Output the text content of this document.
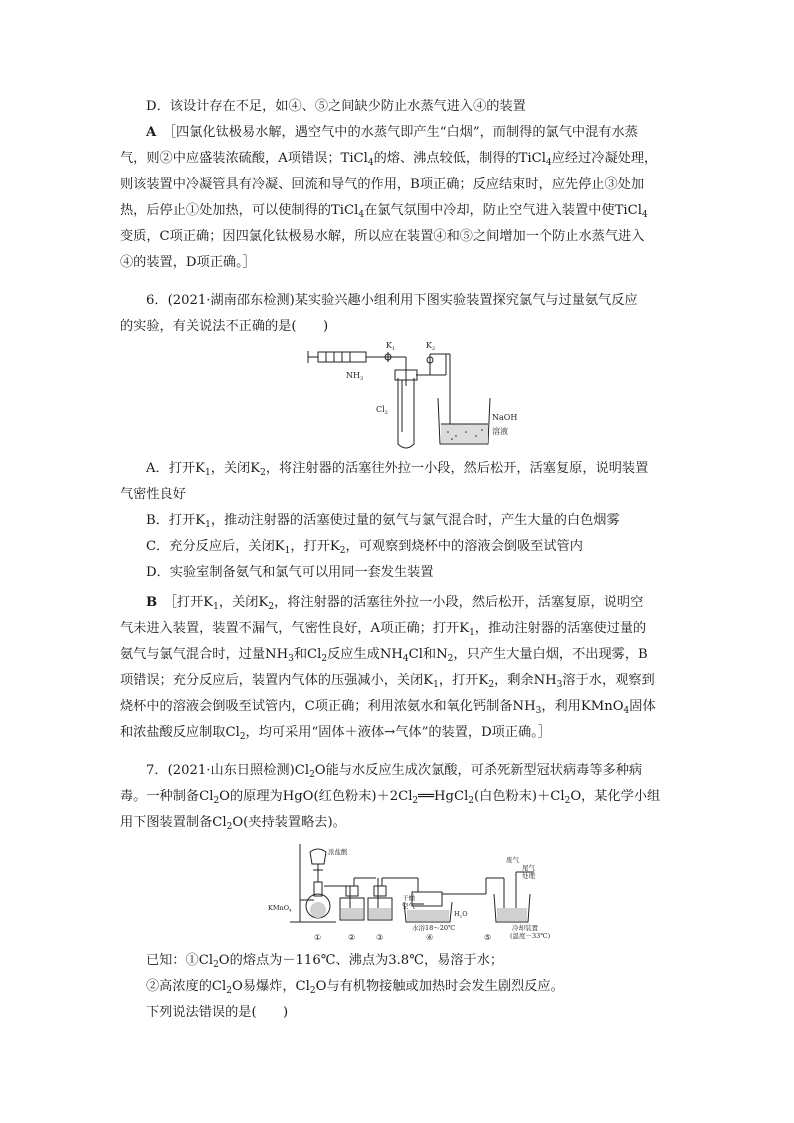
D．该设计存在不足，如④、⑤之间缺少防止水蒸气进入④的装置

A　 ［四氯化钛极易水解，遇空气中的水蒸气即产生“白烟”，而制得的氯气中混有水蒸

气，则②中应盛装浓硫酸，A项错误；TiCl$_4$的熔、沸点较低，制得的TiCl$_4$应经过冷凝处理，

则该装置中冷凝管具有冷凝、回流和导气的作用，B项正确；反应结束时，应先停止③处加

热，后停止①处加热，可以使制得的TiCl$_4$在氯气氛围中冷却，防止空气进入装置中使TiCl$_4$

变质，C项正确；因四氯化钛极易水解，所以应在装置④和⑤之间增加一个防止水蒸气进入

④的装置，D项正确。］

6．(2021·湖南邵东检测)某实验兴趣小组利用下图实验装置探究氯气与过量氨气反应

的实验，有关说法不正确的是(　　)

$K_1$	$K_2$
$NH_3$
$Cl_2$	NaOH
溶液

A．打开$K_1$，关闭$K_2$，将注射器的活塞往外拉一小段，然后松开，活塞复原，说明装置

气密性良好

B．打开$K_1$，推动注射器的活塞使过量的氨气与氯气混合时，产生大量的白色烟雾

C．充分反应后，关闭$K_1$，打开$K_2$，可观察到烧杯中的溶液会倒吸至试管内

D．实验室制备氨气和氯气可以用同一套发生装置

B　 ［打开$K_1$，关闭$K_2$，将注射器的活塞往外拉一小段，然后松开，活塞复原，说明空

气未进入装置，装置不漏气，气密性良好，A项正确；打开$K_1$，推动注射器的活塞使过量的

氨气与氯气混合时，过量$NH_3$和$Cl_2$反应生成$NH_4Cl$和$N_2$，只产生大量白烟，不出现雾，B

项错误；充分反应后，装置内气体的压强减小，关闭$K_1$，打开$K_2$，剩余$NH_3$溶于水，观察到

烧杯中的溶液会倒吸至试管内，C项正确；利用浓氨水和氧化钙制备$NH_3$，利用KMnO$_4$固体

和浓盐酸反应制取$Cl_2$，均可采用“固体＋液体→气体”的装置，D项正确。］

7．(2021·山东日照检测)$Cl_2O$能与水反应生成次氯酸，可杀死新型冠状病毒等多种病

毒。一种制备$Cl_2O$的原理为HgO(红色粉末)$+2Cl_2══HgCl_2$(白色粉末)$+Cl_2O$，某化学小组

用下图装置制备$Cl_2O$(夹持装置略去)。

浓盐酸
KMnO$_4$
干燥
空气
水浴18～20℃
$H_2O$
废气
尾气
处理
冷却装置
(温度－33℃)
①	②	③	④	⑤

已知：$①Cl_2O$的熔点为－116℃、沸点为3.8℃，易溶于水；

②高浓度的$Cl_2O$易爆炸，$Cl_2O$与有机物接触或加热时会发生剧烈反应。

下列说法错误的是(　　)
